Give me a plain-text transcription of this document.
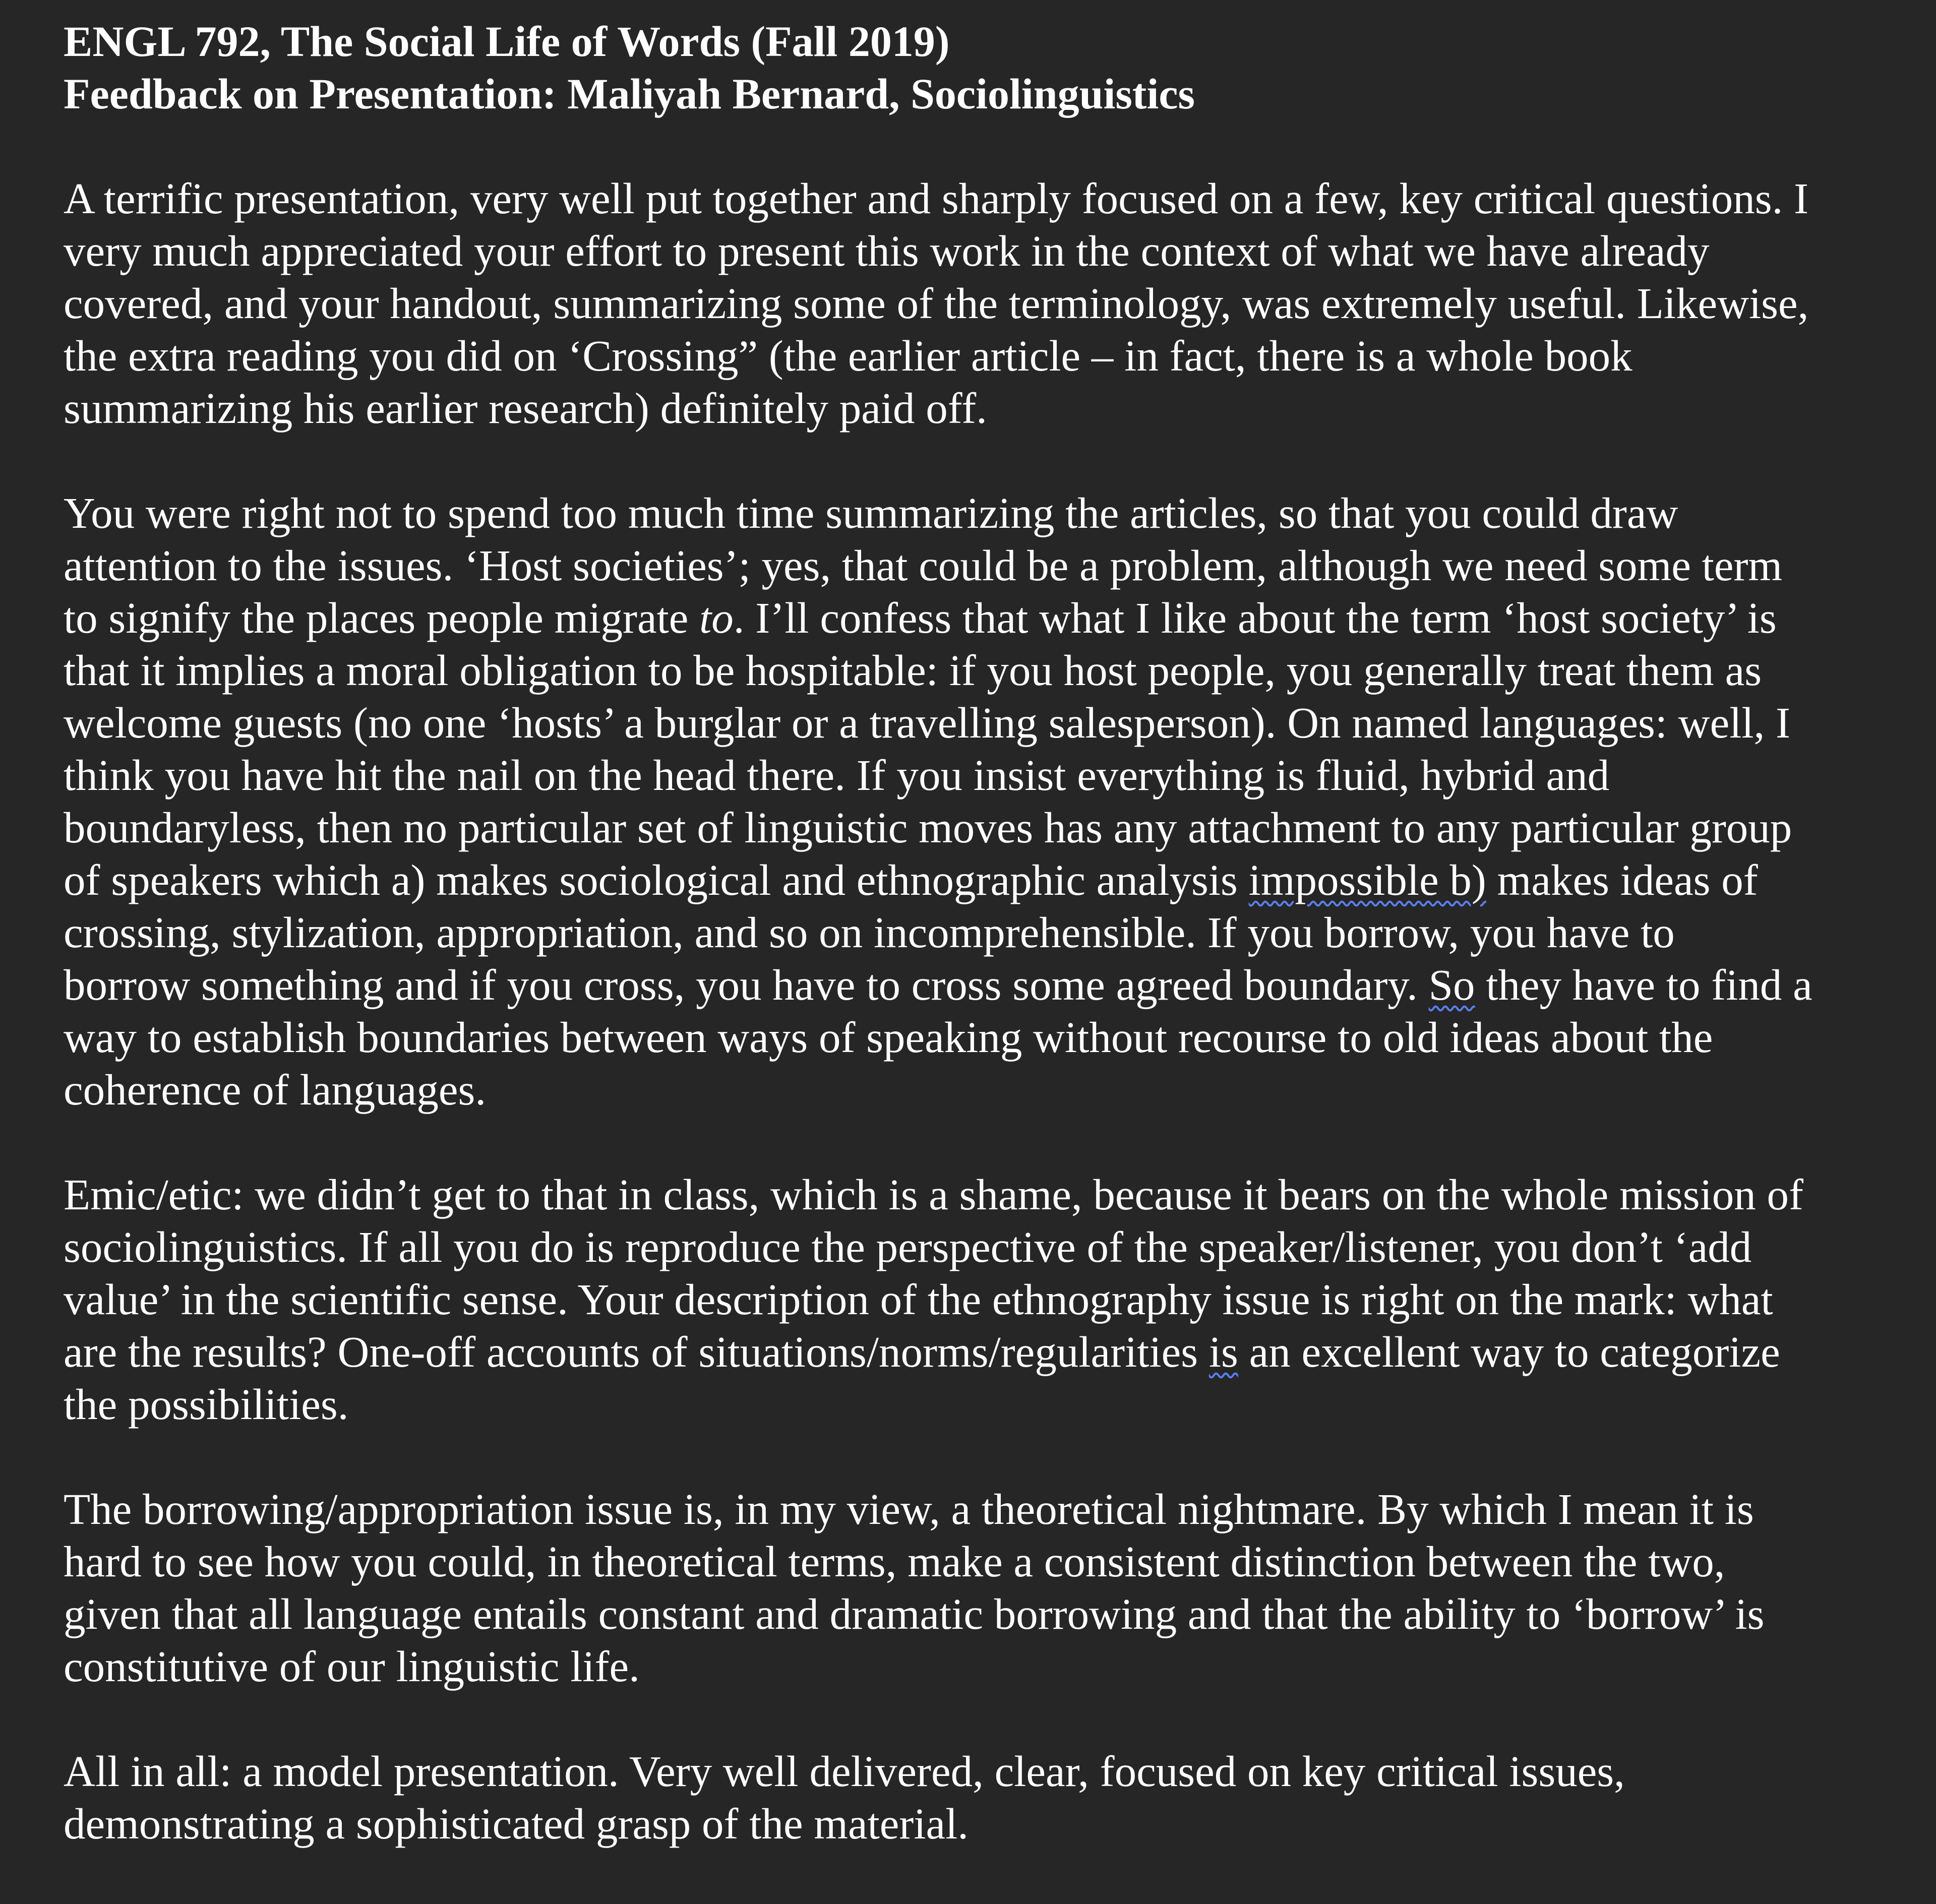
ENGL 792, The Social Life of Words (Fall 2019)
Feedback on Presentation: Maliyah Bernard, Sociolinguistics
A terrific presentation, very well put together and sharply focused on a few, key critical questions. I
very much appreciated your effort to present this work in the context of what we have already
covered, and your handout, summarizing some of the terminology, was extremely useful. Likewise,
the extra reading you did on ‘Crossing” (the earlier article – in fact, there is a whole book
summarizing his earlier research) definitely paid off.
You were right not to spend too much time summarizing the articles, so that you could draw
attention to the issues. ‘Host societies’; yes, that could be a problem, although we need some term
to signify the places people migrate to. I’ll confess that what I like about the term ‘host society’ is
that it implies a moral obligation to be hospitable: if you host people, you generally treat them as
welcome guests (no one ‘hosts’ a burglar or a travelling salesperson). On named languages: well, I
think you have hit the nail on the head there. If you insist everything is fluid, hybrid and
boundaryless, then no particular set of linguistic moves has any attachment to any particular group
of speakers which a) makes sociological and ethnographic analysis impossible b) makes ideas of
crossing, stylization, appropriation, and so on incomprehensible. If you borrow, you have to
borrow something and if you cross, you have to cross some agreed boundary. So they have to find a
way to establish boundaries between ways of speaking without recourse to old ideas about the
coherence of languages.
Emic/etic: we didn’t get to that in class, which is a shame, because it bears on the whole mission of
sociolinguistics. If all you do is reproduce the perspective of the speaker/listener, you don’t ‘add
value’ in the scientific sense. Your description of the ethnography issue is right on the mark: what
are the results? One-off accounts of situations/norms/regularities is an excellent way to categorize
the possibilities.
The borrowing/appropriation issue is, in my view, a theoretical nightmare. By which I mean it is
hard to see how you could, in theoretical terms, make a consistent distinction between the two,
given that all language entails constant and dramatic borrowing and that the ability to ‘borrow’ is
constitutive of our linguistic life.
All in all: a model presentation. Very well delivered, clear, focused on key critical issues,
demonstrating a sophisticated grasp of the material.
